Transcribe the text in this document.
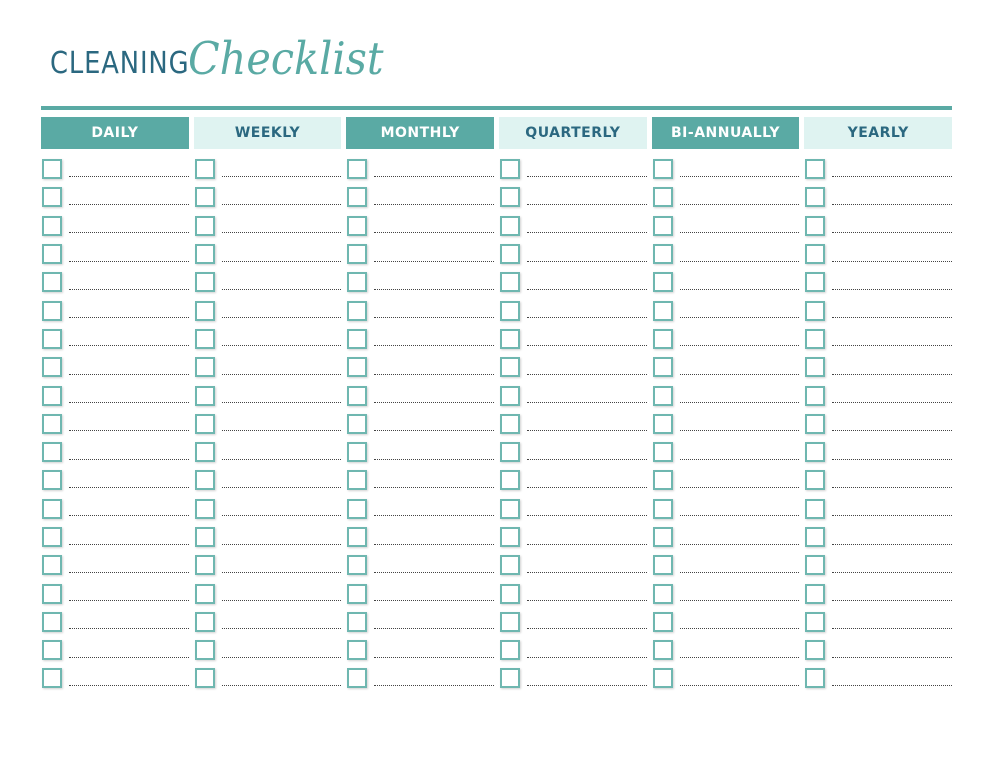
CLEANING
Checklist
DAILY	WEEKLY	MONTHLY	QUARTERLY	BI-ANNUALLY	YEARLY
